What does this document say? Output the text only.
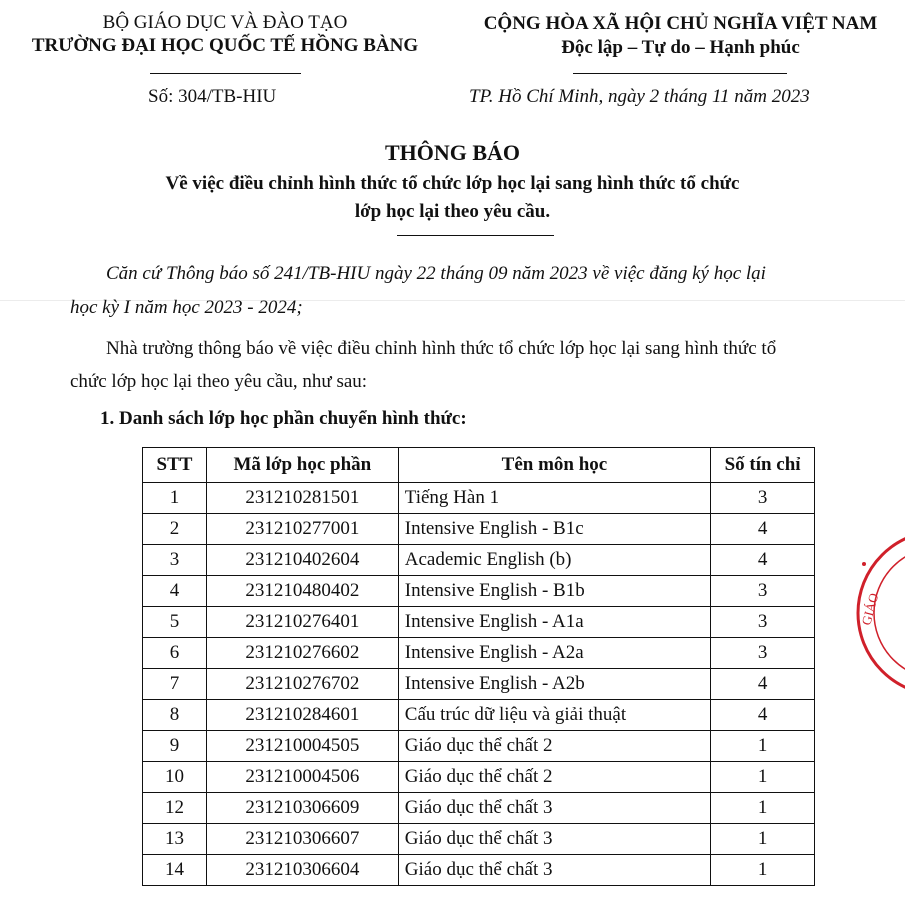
BỘ GIÁO DỤC VÀ ĐÀO TẠO
TRƯỜNG ĐẠI HỌC QUỐC TẾ HỒNG BÀNG
Số: 304/TB-HIU
CỘNG HÒA XÃ HỘI CHỦ NGHĨA VIỆT NAM
Độc lập – Tự do – Hạnh phúc
TP. Hồ Chí Minh, ngày 2 tháng 11 năm 2023
THÔNG BÁO
Về việc điều chỉnh hình thức tổ chức lớp học lại sang hình thức tổ chức
lớp học lại theo yêu cầu.
Căn cứ Thông báo số 241/TB-HIU ngày 22 tháng 09 năm 2023 về việc đăng ký học lại
học kỳ I năm học 2023 - 2024;
Nhà trường thông báo về việc điều chỉnh hình thức tổ chức lớp học lại sang hình thức tổ
chức lớp học lại theo yêu cầu, như sau:
1. Danh sách lớp học phần chuyển hình thức:
STT	Mã lớp học phần	Tên môn học	Số tín chỉ
1	231210281501	Tiếng Hàn 1	3
2	231210277001	Intensive English - B1c	4
3	231210402604	Academic English (b)	4
4	231210480402	Intensive English - B1b	3
5	231210276401	Intensive English - A1a	3
6	231210276602	Intensive English - A2a	3
7	231210276702	Intensive English - A2b	4
8	231210284601	Cấu trúc dữ liệu và giải thuật	4
9	231210004505	Giáo dục thể chất 2	1
10	231210004506	Giáo dục thể chất 2	1
12	231210306609	Giáo dục thể chất 3	1
13	231210306607	Giáo dục thể chất 3	1
14	231210306604	Giáo dục thể chất 3	1
GIÁO
